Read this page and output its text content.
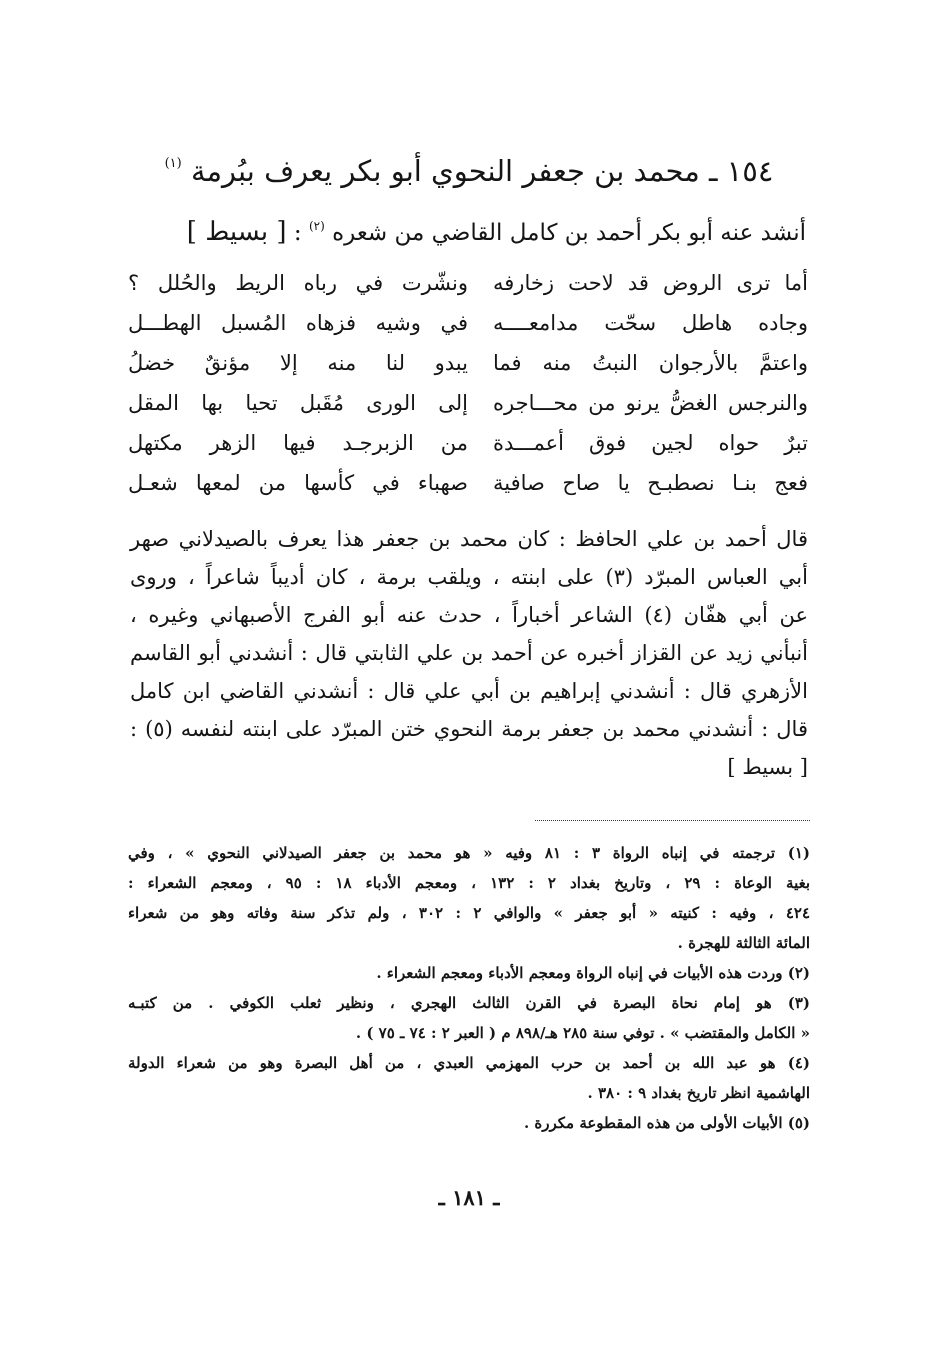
١٥٤ ـ محمد بن جعفر النحوي أبو بكر يعرف ببُرمة $^{(١)}$
أنشد عنه أبو بكر أحمد بن كامل القاضي من شعره $^{(٢)}$ : [ بسيط ]
أما ترى الروض قد لاحت زخارفه
ونشّرت في رباه الريط والحُلل ؟
وجاده هاطل سحّت مدامعــــه
في وشيه فزهاه المُسبل الهطـــل
واعتمَّ بالأرجوان النبتُ منه فما
يبدو لنا منه إلا مؤنقٌ خضلُ
والنرجس الغضُّ يرنو من محـــاجره
إلى الورى مُقَبل تحيا بها المقل
تبرٌ حواه لجين فوق أعمـــدة
من الزبرجـد فيها الزهر مكتهل
فعج بنـا نصطبـح يا صاح صافية
صهباء في كأسها من لمعها شعـل
قال أحمد بن علي الحافظ : كان محمد بن جعفر هذا يعرف بالصيدلاني صهر
أبي العباس المبرّد (٣) على ابنته ، ويلقب برمة ، كان أديباً شاعراً ، وروى
عن أبي هفّان (٤) الشاعر أخباراً ، حدث عنه أبو الفرج الأصبهاني وغيره ،
أنبأني زيد عن القزاز أخبره عن أحمد بن علي الثابتي قال : أنشدني أبو القاسم
الأزهري قال : أنشدني إبراهيم بن أبي علي قال : أنشدني القاضي ابن كامل
قال : أنشدني محمد بن جعفر برمة النحوي ختن المبرّد على ابنته لنفسه (٥) :
[ بسيط ]
(١) ترجمته في إنباه الرواة ٣ : ٨١ وفيه « هو محمد بن جعفر الصيدلاني النحوي » ، وفي
بغية الوعاة : ٢٩ ، وتاريخ بغداد ٢ : ١٣٢ ، ومعجم الأدباء ١٨ : ٩٥ ، ومعجم الشعراء :
٤٢٤ ، وفيه : كنيته « أبو جعفر » والوافي ٢ : ٣٠٢ ، ولم تذكر سنة وفاته وهو من شعراء
المائة الثالثة للهجرة .
(٢) وردت هذه الأبيات في إنباه الرواة ومعجم الأدباء ومعجم الشعراء .
(٣) هو إمام نحاة البصرة في القرن الثالث الهجري ، ونظير ثعلب الكوفي . من كتبـه
« الكامل والمقتضب » . توفي سنة ٢٨٥ هـ/٨٩٨ م ( العبر ٢ : ٧٤ ـ ٧٥ ) .
(٤) هو عبد الله بن أحمد بن حرب المهزمي العبدي ، من أهل البصرة وهو من شعراء الدولة
الهاشمية انظر تاريخ بغداد ٩ : ٣٨٠ .
(٥) الأبيات الأولى من هذه المقطوعة مكررة .
ـ ١٨١ ـ
